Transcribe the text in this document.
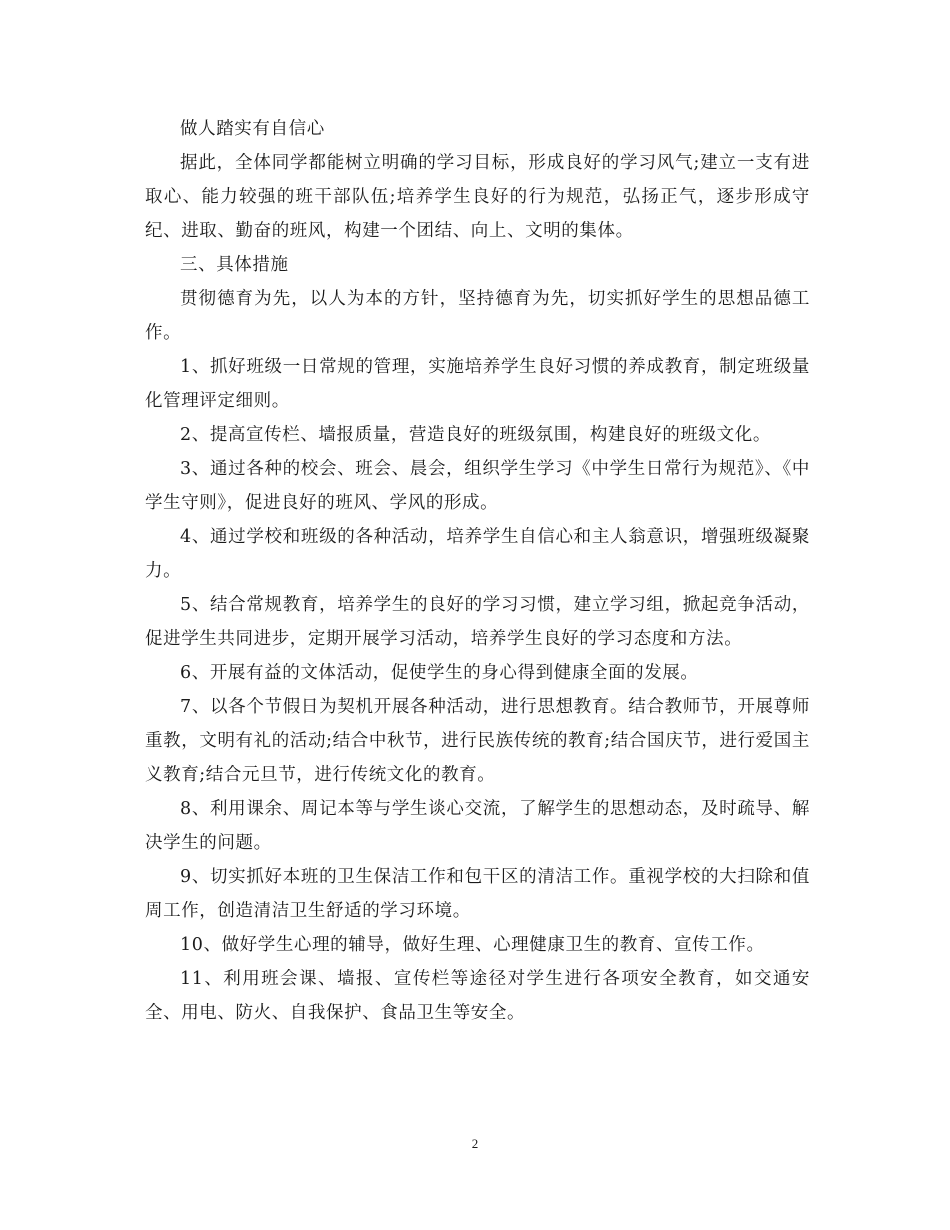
做人踏实有自信心

据此，全体同学都能树立明确的学习目标，形成良好的学习风气;建立一支有进取心、能力较强的班干部队伍;培养学生良好的行为规范，弘扬正气，逐步形成守纪、进取、勤奋的班风，构建一个团结、向上、文明的集体。

三、具体措施

贯彻德育为先，以人为本的方针，坚持德育为先，切实抓好学生的思想品德工作。

1、抓好班级一日常规的管理，实施培养学生良好习惯的养成教育，制定班级量化管理评定细则。

2、提高宣传栏、墙报质量，营造良好的班级氛围，构建良好的班级文化。

3、通过各种的校会、班会、晨会，组织学生学习《中学生日常行为规范》、《中学生守则》，促进良好的班风、学风的形成。

4、通过学校和班级的各种活动，培养学生自信心和主人翁意识，增强班级凝聚力。

5、结合常规教育，培养学生的良好的学习习惯，建立学习组，掀起竞争活动，促进学生共同进步，定期开展学习活动，培养学生良好的学习态度和方法。

6、开展有益的文体活动，促使学生的身心得到健康全面的发展。

7、以各个节假日为契机开展各种活动，进行思想教育。结合教师节，开展尊师重教，文明有礼的活动;结合中秋节，进行民族传统的教育;结合国庆节，进行爱国主义教育;结合元旦节，进行传统文化的教育。

8、利用课余、周记本等与学生谈心交流，了解学生的思想动态，及时疏导、解决学生的问题。

9、切实抓好本班的卫生保洁工作和包干区的清洁工作。重视学校的大扫除和值周工作，创造清洁卫生舒适的学习环境。

10、做好学生心理的辅导，做好生理、心理健康卫生的教育、宣传工作。

11、利用班会课、墙报、宣传栏等途径对学生进行各项安全教育，如交通安全、用电、防火、自我保护、食品卫生等安全。

2
